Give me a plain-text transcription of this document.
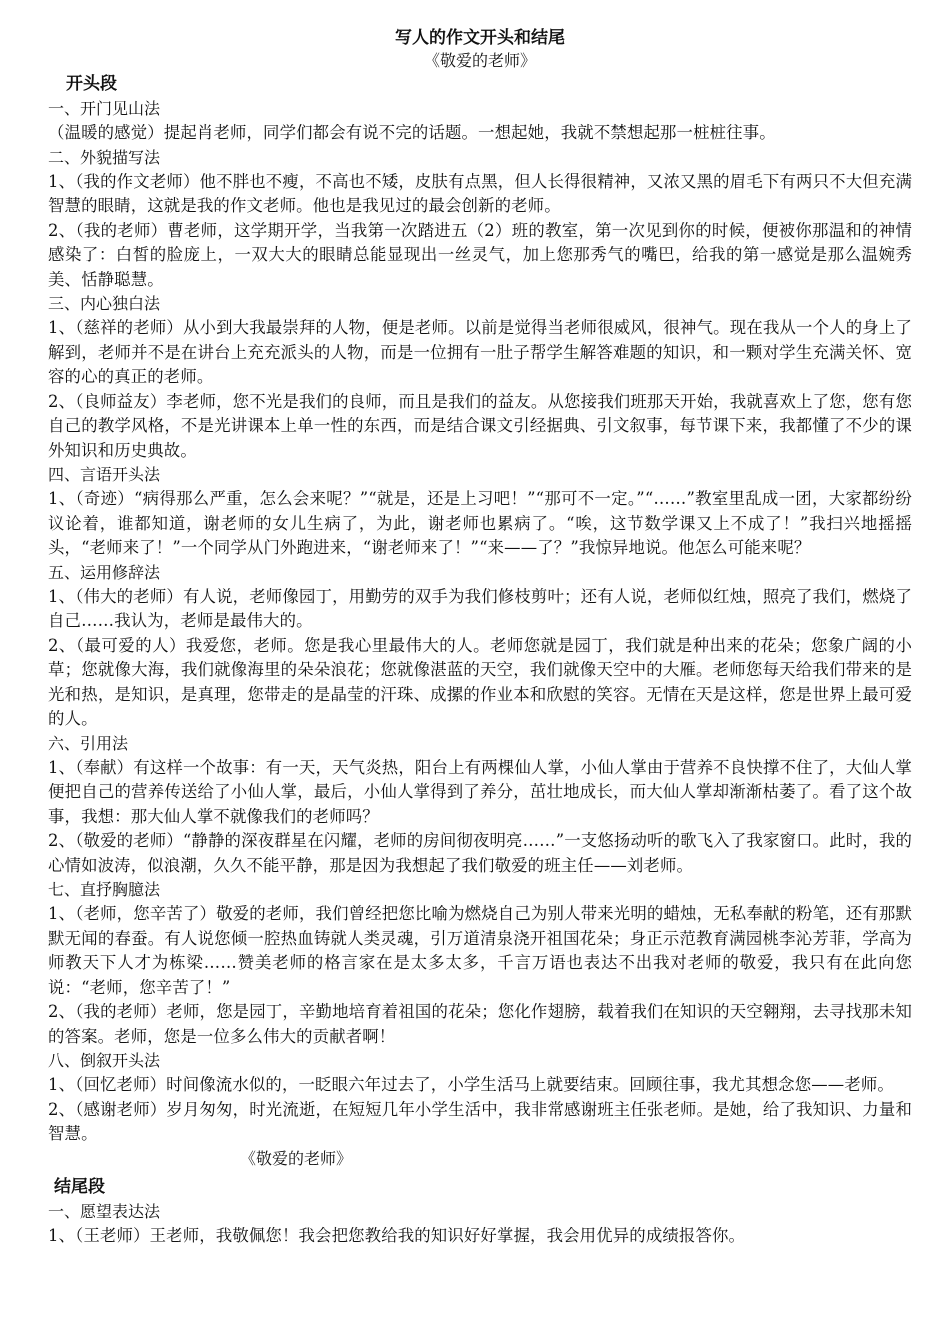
写人的作文开头和结尾

《敬爱的老师》

开头段

一、开门见山法

（温暖的感觉）提起肖老师，同学们都会有说不完的话题。一想起她，我就不禁想起那一桩桩往事。

二、外貌描写法

1、（我的作文老师）他不胖也不瘦，不高也不矮，皮肤有点黑，但人长得很精神，又浓又黑的眉毛下有两只不大但充满智慧的眼睛，这就是我的作文老师。他也是我见过的最会创新的老师。

2、（我的老师）曹老师，这学期开学，当我第一次踏进五（2）班的教室，第一次见到你的时候，便被你那温和的神情感染了：白皙的脸庞上，一双大大的眼睛总能显现出一丝灵气，加上您那秀气的嘴巴，给我的第一感觉是那么温婉秀美、恬静聪慧。

三、内心独白法

1、（慈祥的老师）从小到大我最崇拜的人物，便是老师。以前是觉得当老师很威风，很神气。现在我从一个人的身上了解到，老师并不是在讲台上充充派头的人物，而是一位拥有一肚子帮学生解答难题的知识，和一颗对学生充满关怀、宽容的心的真正的老师。

2、（良师益友）李老师，您不光是我们的良师，而且是我们的益友。从您接我们班那天开始，我就喜欢上了您，您有您自己的教学风格，不是光讲课本上单一性的东西，而是结合课文引经据典、引文叙事，每节课下来，我都懂了不少的课外知识和历史典故。

四、言语开头法

1、（奇迹）“病得那么严重，怎么会来呢？”“就是，还是上习吧！”“那可不一定。”“……”教室里乱成一团，大家都纷纷议论着，谁都知道，谢老师的女儿生病了，为此，谢老师也累病了。“唉，这节数学课又上不成了！”我扫兴地摇摇头，“老师来了！”一个同学从门外跑进来，“谢老师来了！”“来——了？”我惊异地说。他怎么可能来呢？

五、运用修辞法

1、（伟大的老师）有人说，老师像园丁，用勤劳的双手为我们修枝剪叶；还有人说，老师似红烛，照亮了我们，燃烧了自己……我认为，老师是最伟大的。

2、（最可爱的人）我爱您，老师。您是我心里最伟大的人。老师您就是园丁，我们就是种出来的花朵；您象广阔的小草；您就像大海，我们就像海里的朵朵浪花；您就像湛蓝的天空，我们就像天空中的大雁。老师您每天给我们带来的是光和热，是知识，是真理，您带走的是晶莹的汗珠、成摞的作业本和欣慰的笑容。无情在天是这样，您是世界上最可爱的人。

六、引用法

1、（奉献）有这样一个故事：有一天，天气炎热，阳台上有两棵仙人掌，小仙人掌由于营养不良快撑不住了，大仙人掌便把自己的营养传送给了小仙人掌，最后，小仙人掌得到了养分，茁壮地成长，而大仙人掌却渐渐枯萎了。看了这个故事，我想：那大仙人掌不就像我们的老师吗？

2、（敬爱的老师）“静静的深夜群星在闪耀，老师的房间彻夜明亮……”一支悠扬动听的歌飞入了我家窗口。此时，我的心情如波涛，似浪潮，久久不能平静，那是因为我想起了我们敬爱的班主任——刘老师。

七、直抒胸臆法

1、（老师，您辛苦了）敬爱的老师，我们曾经把您比喻为燃烧自己为别人带来光明的蜡烛，无私奉献的粉笔，还有那默默无闻的春蚕。有人说您倾一腔热血铸就人类灵魂，引万道清泉浇开祖国花朵；身正示范教育满园桃李沁芳菲，学高为师教天下人才为栋梁……赞美老师的格言家在是太多太多，千言万语也表达不出我对老师的敬爱，我只有在此向您说：“老师，您辛苦了！”

2、（我的老师）老师，您是园丁，辛勤地培育着祖国的花朵；您化作翅膀，载着我们在知识的天空翱翔，去寻找那未知的答案。老师，您是一位多么伟大的贡献者啊！

八、倒叙开头法

1、（回忆老师）时间像流水似的，一眨眼六年过去了，小学生活马上就要结束。回顾往事，我尤其想念您——老师。

2、（感谢老师）岁月匆匆，时光流逝，在短短几年小学生活中，我非常感谢班主任张老师。是她，给了我知识、力量和智慧。

《敬爱的老师》

结尾段

一、愿望表达法

1、（王老师）王老师，我敬佩您！我会把您教给我的知识好好掌握，我会用优异的成绩报答你。
